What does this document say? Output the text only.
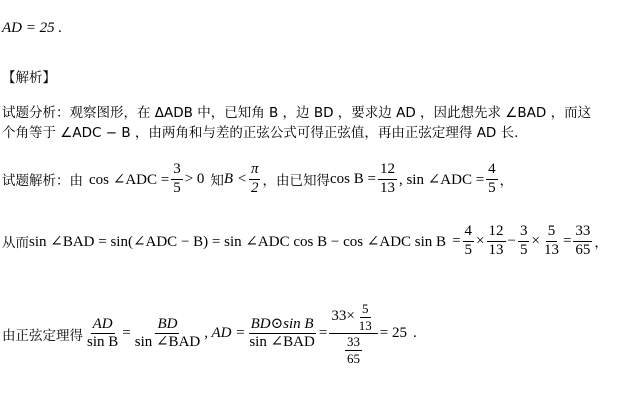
AD = 25 .
【解析】
试题分析： 观察图形，在 ΔADB 中，已知角 B ，边 BD ，要求边 AD ，因此想先求 ∠BAD ，而这
个角等于 ∠ADC − B ，由两角和与差的正弦公式可得正弦值，再由正弦定理得 AD 长.
试题解析： 由 cos ∠ADC = $\frac{3}{5} > 0$ 知 $B < \frac{\pi}{2}$ ，由已知得 $\cos B = \frac{12}{13}$ , sin ∠ADC = $\frac{4}{5}$ ，
从而 sin ∠BAD = sin(∠ADC − B) = sin ∠ADC cos B − cos ∠ADC $\sin B = \frac{4}{5} \times \frac{12}{13} - \frac{3}{5} \times \frac{5}{13} = \frac{33}{65}$ ，
由正弦定理得 $\frac{AD}{\text{sin B}} = \frac{BD}{\text{sin ∠BAD}}$ , AD = $\frac{\text{BD⊙sin B}}{\text{sin ∠BAD}} = \frac{33\times \frac{5}{13}}{\frac{33}{65}} = 25$ .
